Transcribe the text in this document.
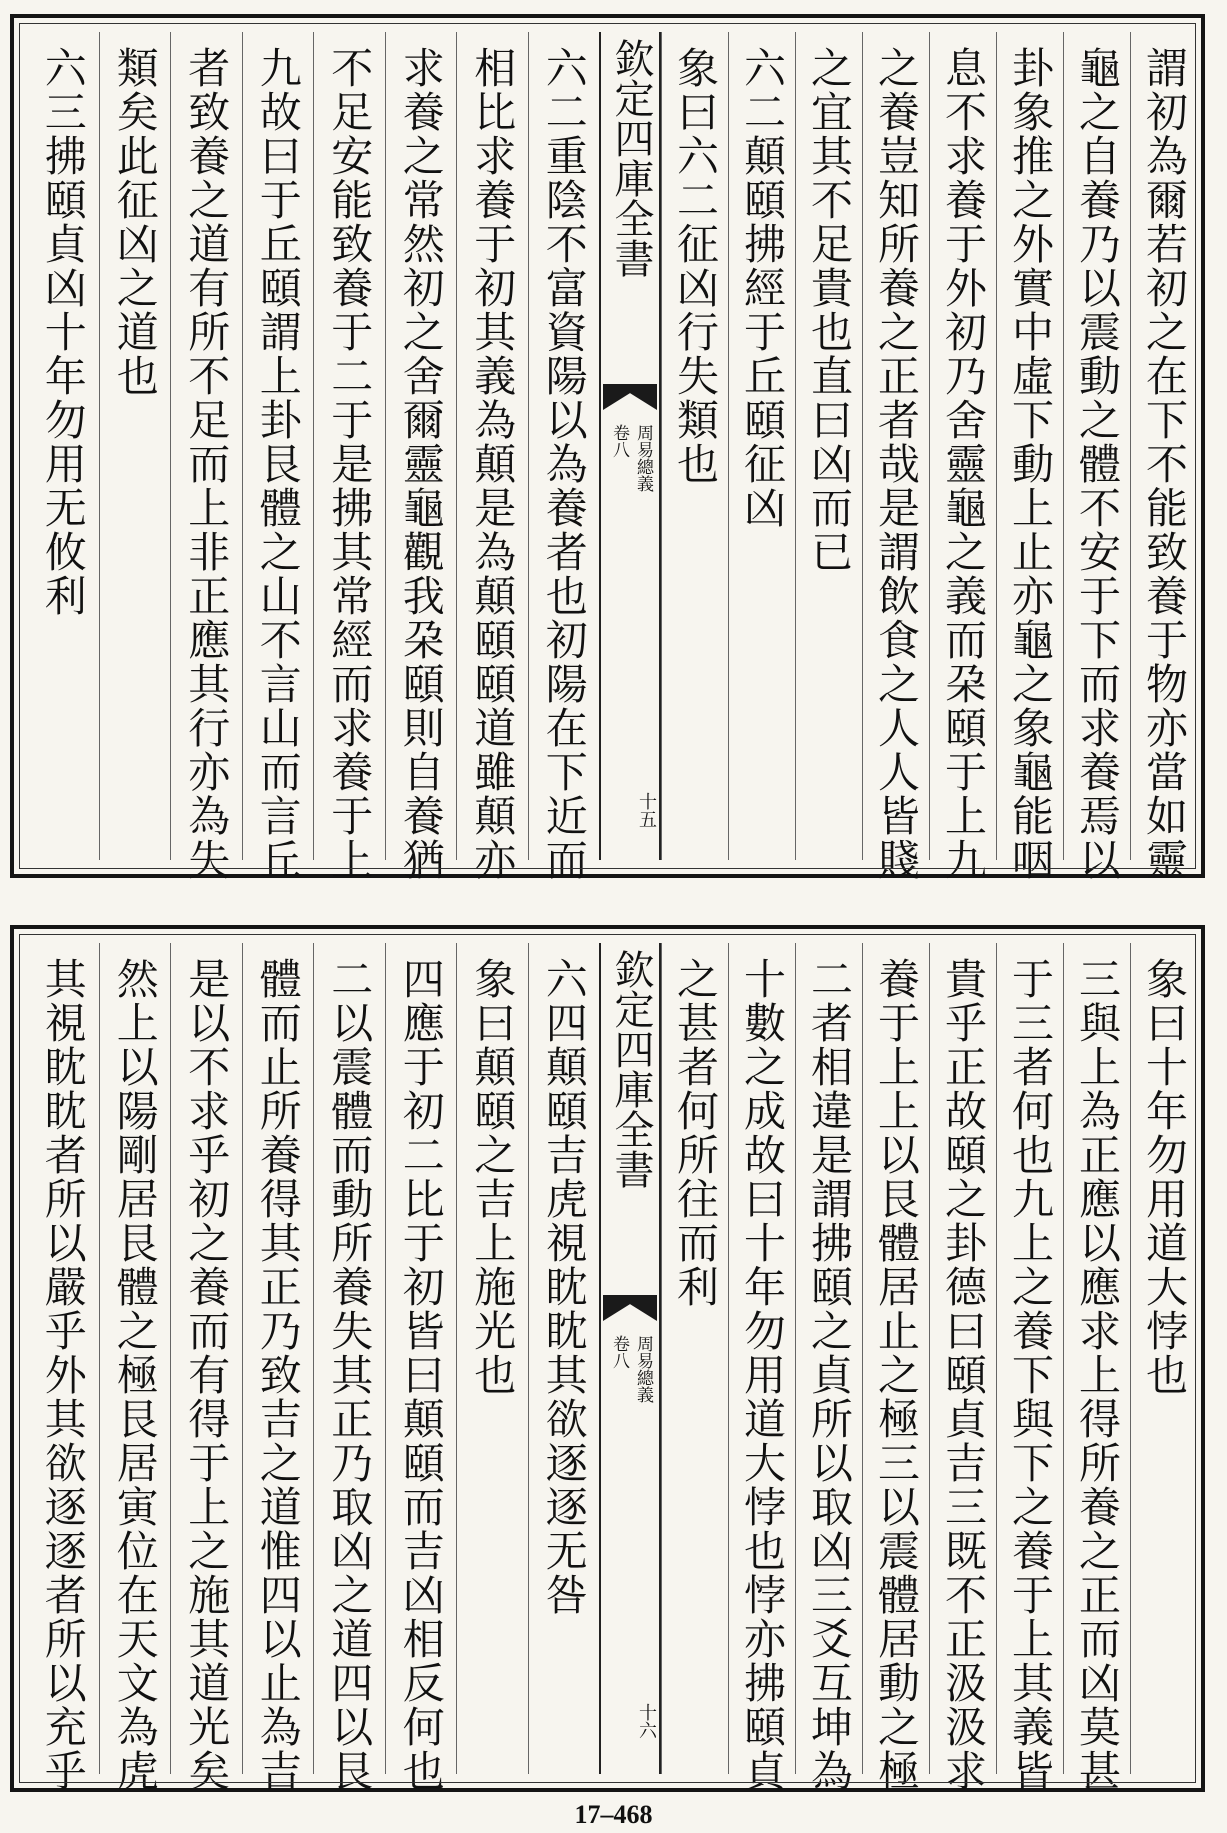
謂初為爾若初之在下不能致養于物亦當如靈
龜之自養乃以震動之體不安于下而求養焉以
卦象推之外實中虛下動上止亦龜之象龜能咽
息不求養于外初乃舍靈龜之義而朶頤于上九
之養豈知所養之正者哉是謂飲食之人人皆賤
之宜其不足貴也直曰凶而已
六二顛頤拂經于丘頤征凶
象曰六二征凶行失類也
六二重陰不富資陽以為養者也初陽在下近而
相比求養于初其義為顛是為顛頤頤道雖顛亦
求養之常然初之舍爾靈龜觀我朶頤則自養猶
不足安能致養于二于是拂其常經而求養于上
九故曰于丘頤謂上卦艮體之山不言山而言丘
者致養之道有所不足而上非正應其行亦為失
類矣此征凶之道也
六三拂頤貞凶十年勿用无攸利	欽定四庫全書
周易總義
卷八
十五
象曰十年勿用道大悖也
三與上為正應以應求上得所養之正而凶莫甚
于三者何也九上之養下與下之養于上其義皆
貴乎正故頤之卦德曰頤貞吉三既不正汲汲求
養于上上以艮體居止之極三以震體居動之極
二者相違是謂拂頤之貞所以取凶三爻互坤為
十數之成故曰十年勿用道大悖也悖亦拂頤貞
之甚者何所往而利
六四顛頤吉虎視眈眈其欲逐逐无咎
象曰顛頤之吉上施光也
四應于初二比于初皆曰顛頤而吉凶相反何也
二以震體而動所養失其正乃取凶之道四以艮
體而止所養得其正乃致吉之道惟四以止為吉
是以不求乎初之養而有得于上之施其道光矣
然上以陽剛居艮體之極艮居寅位在天文為虎
其視眈眈者所以嚴乎外其欲逐逐者所以充乎	欽定四庫全書
周易總義
卷八
十六
17–468
